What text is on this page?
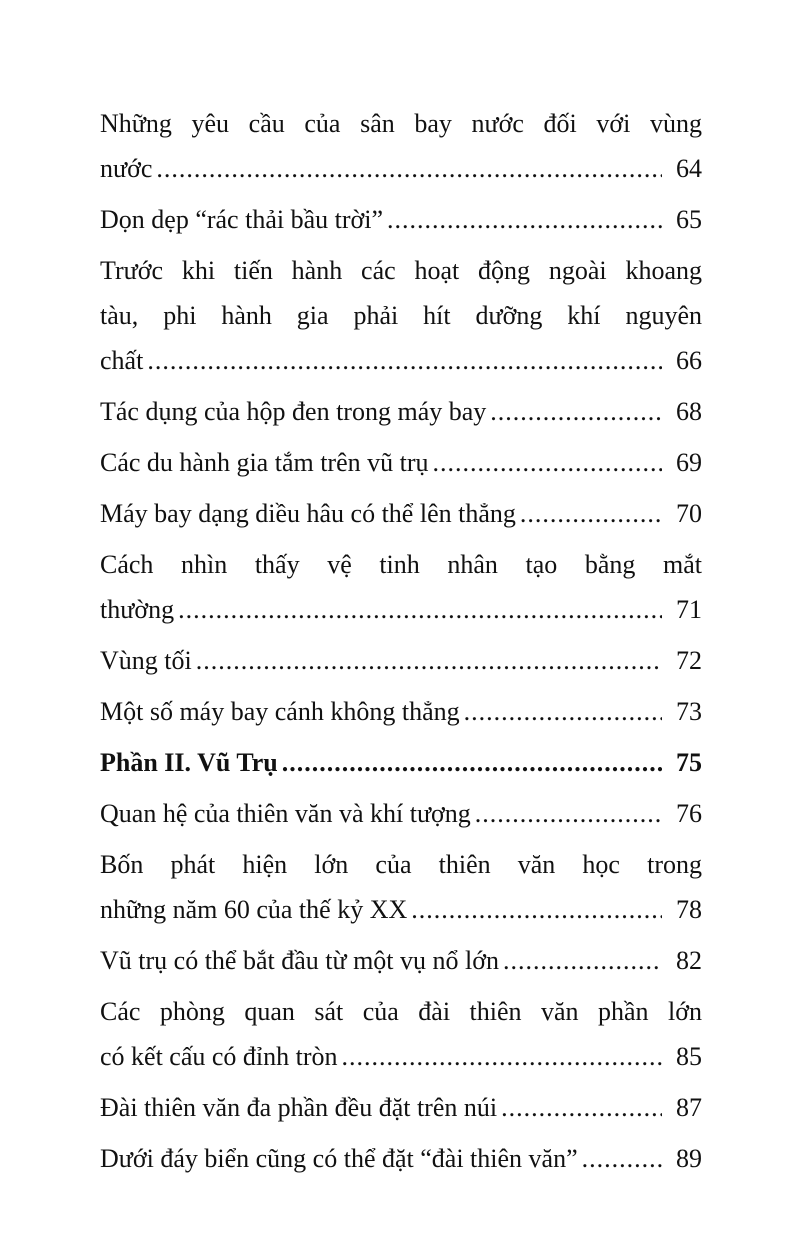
Những yêu cầu của sân bay nước đối với vùng
nước .....	64
Dọn dẹp “rác thải bầu trời” .....	65
Trước khi tiến hành các hoạt động ngoài khoang
tàu, phi hành gia phải hít dưỡng khí nguyên
chất .....	66
Tác dụng của hộp đen trong máy bay .....	68
Các du hành gia tắm trên vũ trụ .....	69
Máy bay dạng diều hâu có thể lên thẳng .....	70
Cách nhìn thấy vệ tinh nhân tạo bằng mắt
thường .....	71
Vùng tối .....	72
Một số máy bay cánh không thẳng .....	73
Phần II. Vũ Trụ .....	75
Quan hệ của thiên văn và khí tượng .....	76
Bốn phát hiện lớn của thiên văn học trong
những năm 60 của thế kỷ XX .....	78
Vũ trụ có thể bắt đầu từ một vụ nổ lớn .....	82
Các phòng quan sát của đài thiên văn phần lớn
có kết cấu có đỉnh tròn .....	85
Đài thiên văn đa phần đều đặt trên núi .....	87
Dưới đáy biển cũng có thể đặt “đài thiên văn” .....	89
